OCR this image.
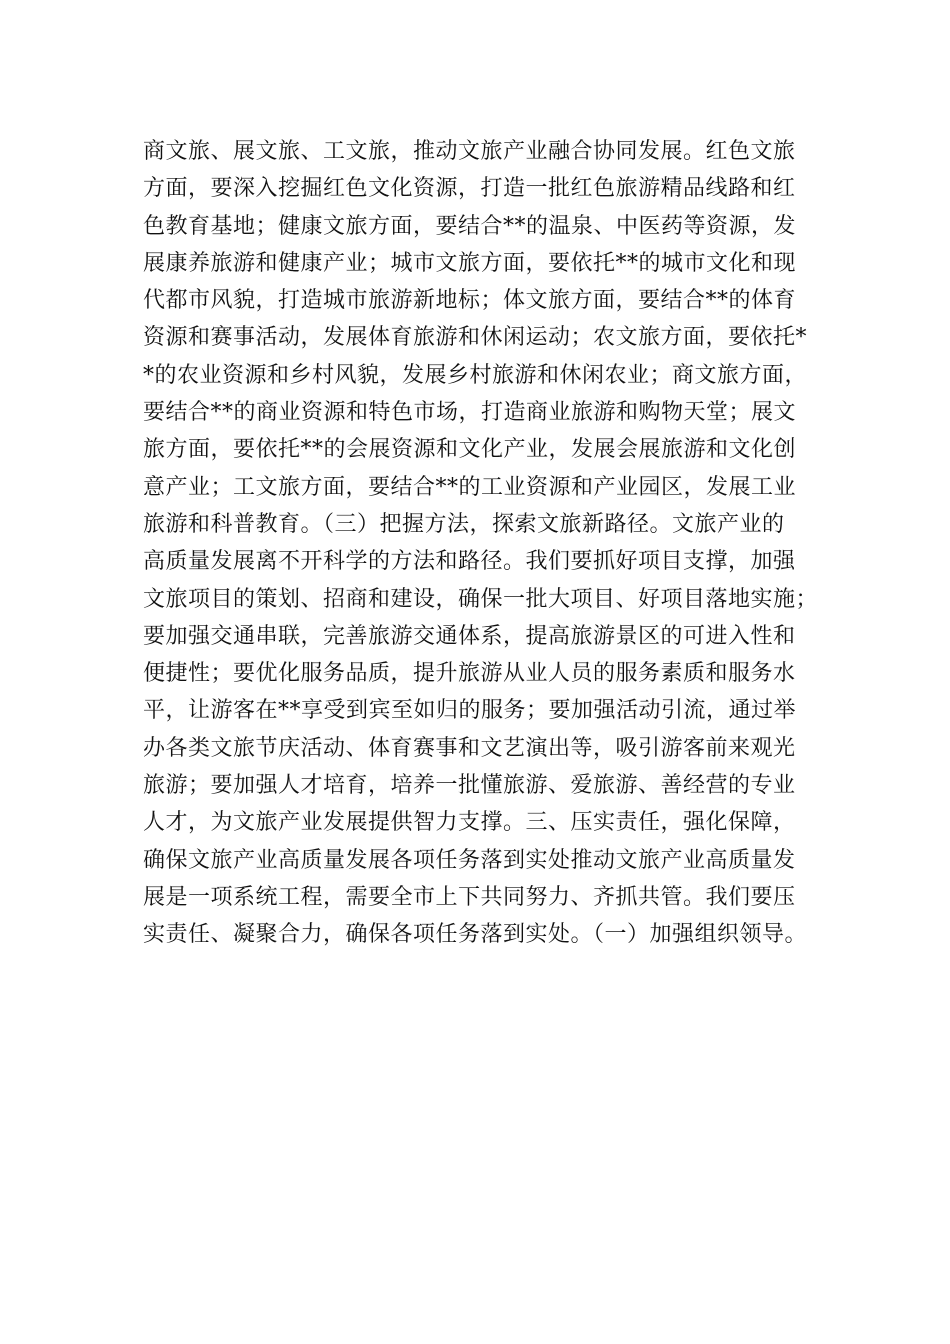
商文旅、展文旅、工文旅，推动文旅产业融合协同发展。红色文旅
方面，要深入挖掘红色文化资源，打造一批红色旅游精品线路和红
色教育基地；健康文旅方面，要结合**的温泉、中医药等资源，发
展康养旅游和健康产业；城市文旅方面，要依托**的城市文化和现
代都市风貌，打造城市旅游新地标；体文旅方面，要结合**的体育
资源和赛事活动，发展体育旅游和休闲运动；农文旅方面，要依托*
*的农业资源和乡村风貌，发展乡村旅游和休闲农业；商文旅方面，
要结合**的商业资源和特色市场，打造商业旅游和购物天堂；展文
旅方面，要依托**的会展资源和文化产业，发展会展旅游和文化创
意产业；工文旅方面，要结合**的工业资源和产业园区，发展工业
旅游和科普教育。（三）把握方法，探索文旅新路径。文旅产业的
高质量发展离不开科学的方法和路径。我们要抓好项目支撑，加强
文旅项目的策划、招商和建设，确保一批大项目、好项目落地实施；
要加强交通串联，完善旅游交通体系，提高旅游景区的可进入性和
便捷性；要优化服务品质，提升旅游从业人员的服务素质和服务水
平，让游客在**享受到宾至如归的服务；要加强活动引流，通过举
办各类文旅节庆活动、体育赛事和文艺演出等，吸引游客前来观光
旅游；要加强人才培育，培养一批懂旅游、爱旅游、善经营的专业
人才，为文旅产业发展提供智力支撑。三、压实责任，强化保障，
确保文旅产业高质量发展各项任务落到实处推动文旅产业高质量发
展是一项系统工程，需要全市上下共同努力、齐抓共管。我们要压
实责任、凝聚合力，确保各项任务落到实处。（一）加强组织领导。
